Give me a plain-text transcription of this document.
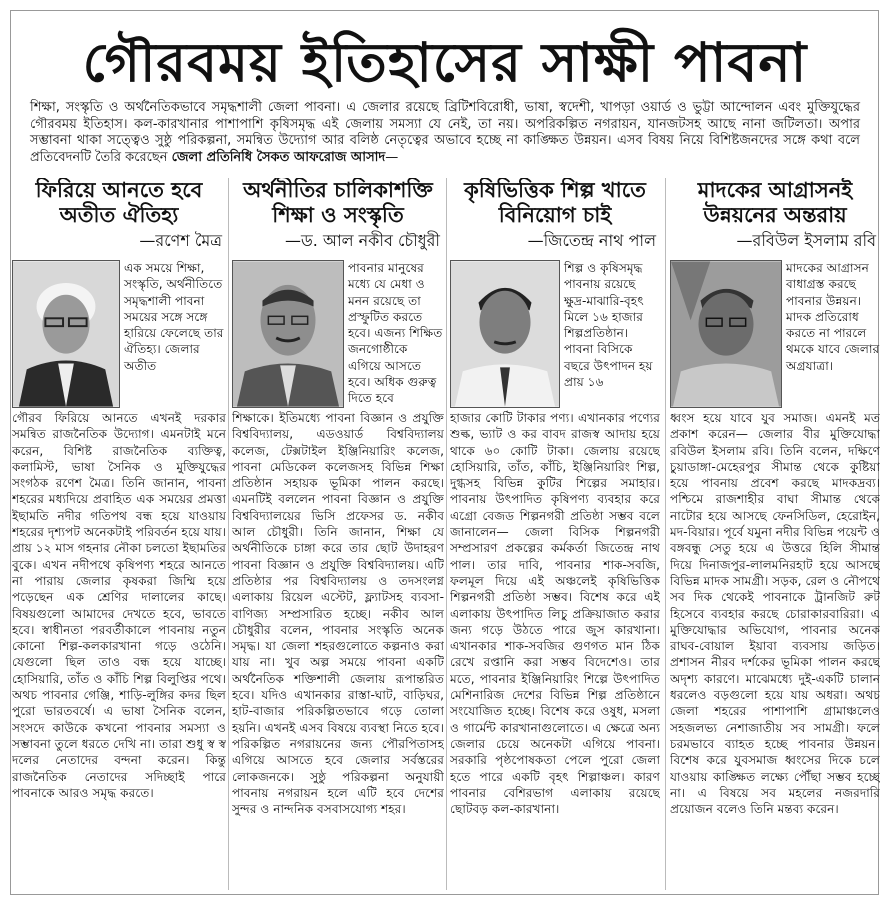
গৌরবময় ইতিহাসের সাক্ষী পাবনা
শিক্ষা, সংস্কৃতি ও অর্থনৈতিকভাবে সমৃদ্ধশালী জেলা পাবনা। এ জেলার রয়েছে ব্রিটিশবিরোধী, ভাষা, স্বদেশী, খাপড়া ওয়ার্ড ও ভুট্টা আন্দোলন এবং মুক্তিযুদ্ধের গৌরবময় ইতিহাস। কল-কারখানার পাশাপাশি কৃষিসমৃদ্ধ এই জেলায় সমস্যা যে নেই, তা নয়। অপরিকল্পিত নগরায়ন, যানজটসহ আছে নানা জটিলতা। অপার সম্ভাবনা থাকা সত্ত্বেও সুষ্ঠু পরিকল্পনা, সমন্বিত উদ্যোগ আর বলিষ্ঠ নেতৃত্বের অভাবে হচ্ছে না কাঙ্ক্ষিত উন্নয়ন। এসব বিষয় নিয়ে বিশিষ্টজনদের সঙ্গে কথা বলে প্রতিবেদনটি তৈরি করেছেন জেলা প্রতিনিধি সৈকত আফরোজ আসাদ—
ফিরিয়ে আনতে হবে অতীত ঐতিহ্য
—রণেশ মৈত্র
এক সময়ে শিক্ষা, সংস্কৃতি, অর্থনীতিতে সমৃদ্ধশালী পাবনা সময়ের সঙ্গে সঙ্গে হারিয়ে ফেলেছে তার ঐতিহ্য। জেলার অতীত

গৌরব ফিরিয়ে আনতে এখনই দরকার সমন্বিত রাজনৈতিক উদ্যোগ। এমনটাই মনে করেন, বিশিষ্ট রাজনৈতিক ব্যক্তিত্ব, কলামিস্ট, ভাষা সৈনিক ও মুক্তিযুদ্ধের সংগঠক রণেশ মৈত্র। তিনি জানান, পাবনা শহরের মধ্যদিয়ে প্রবাহিত এক সময়ের প্রমত্তা ইছামতি নদীর গতিপথ বন্ধ হয়ে যাওয়ায় শহরের দৃশ্যপট অনেকটাই পরিবর্তন হয়ে যায়। প্রায় ১২ মাস গহনার নৌকা চলতো ইছামতির বুকে। এখন নদীপথে কৃষিপণ্য শহরে আনতে না পারায় জেলার কৃষকরা জিম্মি হয়ে পড়েছেন এক শ্রেণির দালালের কাছে। বিষয়গুলো আমাদের দেখতে হবে, ভাবতে হবে। স্বাধীনতা পরবর্তীকালে পাবনায় নতুন কোনো শিল্প-কলকারখানা গড়ে ওঠেনি। যেগুলো ছিল তাও বন্ধ হয়ে যাচ্ছে। হোসিয়ারি, তাঁত ও কাঁচি শিল্প বিলুপ্তির পথে। অথচ পাবনার গেঞ্জি, শাড়ি-লুঙ্গির কদর ছিল পুরো ভারতবর্ষে। এ ভাষা সৈনিক বলেন, সংসদে কাউকে কখনো পাবনার সমস্যা ও সম্ভাবনা তুলে ধরতে দেখি না। তারা শুধু স্ব স্ব দলের নেতাদের বন্দনা করেন। কিন্তু রাজনৈতিক নেতাদের সদিচ্ছাই পারে পাবনাকে আরও সমৃদ্ধ করতে।

অর্থনীতির চালিকাশক্তি শিক্ষা ও সংস্কৃতি
—ড. আল নকীব চৌধুরী
পাবনার মানুষের মধ্যে যে মেধা ও মনন রয়েছে তা প্রস্ফুটিত করতে হবে। এজন্য শিক্ষিত জনগোষ্ঠীকে এগিয়ে আসতে হবে। অধিক গুরুত্ব দিতে হবে

শিক্ষাকে। ইতিমধ্যে পাবনা বিজ্ঞান ও প্রযুক্তি বিশ্ববিদ্যালয়, এডওয়ার্ড বিশ্ববিদ্যালয় কলেজ, টেক্সটাইল ইঞ্জিনিয়ারিং কলেজ, পাবনা মেডিকেল কলেজসহ বিভিন্ন শিক্ষা প্রতিষ্ঠান সহায়ক ভূমিকা পালন করছে। এমনটিই বললেন পাবনা বিজ্ঞান ও প্রযুক্তি বিশ্ববিদ্যালয়ের ভিসি প্রফেসর ড. নকীব আল চৌধুরী। তিনি জানান, শিক্ষা যে অর্থনীতিকে চাঙ্গা করে তার ছোট উদাহরণ পাবনা বিজ্ঞান ও প্রযুক্তি বিশ্ববিদ্যালয়। এটি প্রতিষ্ঠার পর বিশ্ববিদ্যালয় ও তদসংলগ্ন এলাকায় রিয়েল এস্টেট, ফ্ল্যাটসহ ব্যবসা-বাণিজ্য সম্প্রসারিত হচ্ছে। নকীব আল চৌধুরীর বলেন, পাবনার সংস্কৃতি অনেক সমৃদ্ধ। যা জেলা শহরগুলোতে কল্পনাও করা যায় না। খুব অল্প সময়ে পাবনা একটি অর্থনৈতিক শক্তিশালী জেলায় রূপান্তরিত হবে। যদিও এখানকার রাস্তা-ঘাট, বাড়িঘর, হাট-বাজার পরিকল্পিতভাবে গড়ে তোলা হয়নি। এখনই এসব বিষয়ে ব্যবস্থা নিতে হবে। পরিকল্পিত নগরায়নের জন্য পৌরপিতাসহ এগিয়ে আসতে হবে জেলার সর্বস্তরের লোকজনকে। সুষ্ঠু পরিকল্পনা অনুযায়ী পাবনায় নগরায়ন হলে এটি হবে দেশের সুন্দর ও নান্দনিক বসবাসযোগ্য শহর।

কৃষিভিত্তিক শিল্প খাতে বিনিয়োগ চাই
—জিতেন্দ্র নাথ পাল
শিল্প ও কৃষিসমৃদ্ধ পাবনায় রয়েছে ক্ষুদ্র-মাঝারি-বৃহৎ মিলে ১৬ হাজার শিল্পপ্রতিষ্ঠান। পাবনা বিসিকে বছরে উৎপাদন হয় প্রায় ১৬

হাজার কোটি টাকার পণ্য। এখানকার পণ্যের শুল্ক, ভ্যাট ও কর বাবদ রাজস্ব আদায় হয়ে থাকে ৬০ কোটি টাকা। জেলায় রয়েছে হোসিয়ারি, তাঁত, কাঁচি, ইঞ্জিনিয়ারিং শিল্প, দুগ্ধসহ বিভিন্ন কুটির শিল্পের সমাহার। পাবনায় উৎপাদিত কৃষিপণ্য ব্যবহার করে এগ্রো বেজড শিল্পনগরী প্রতিষ্ঠা সম্ভব বলে জানালেন— জেলা বিসিক শিল্পনগরী সম্প্রসারণ প্রকল্পের কর্মকর্তা জিতেন্দ্র নাথ পাল। তার দাবি, পাবনার শাক-সবজি, ফলমূল দিয়ে এই অঞ্চলেই কৃষিভিত্তিক শিল্পনগরী প্রতিষ্ঠা সম্ভব। বিশেষ করে এই এলাকায় উৎপাদিত লিচু প্রক্রিয়াজাত করার জন্য গড়ে উঠতে পারে জুস কারখানা। এখানকার শাক-সবজির গুণগত মান ঠিক রেখে রপ্তানি করা সম্ভব বিদেশেও। তার মতে, পাবনার ইঞ্জিনিয়ারিং শিল্পে উৎপাদিত মেশিনারিজ দেশের বিভিন্ন শিল্প প্রতিষ্ঠানে সংযোজিত হচ্ছে। বিশেষ করে ওষুধ, মসলা ও গার্মেন্ট কারখানাগুলোতে। এ ক্ষেত্রে অন্য জেলার চেয়ে অনেকটা এগিয়ে পাবনা। সরকারি পৃষ্ঠপোষকতা পেলে পুরো জেলা হতে পারে একটি বৃহৎ শিল্পাঞ্চল। কারণ পাবনার বেশিরভাগ এলাকায় রয়েছে ছোটবড় কল-কারখানা।

মাদকের আগ্রাসনই উন্নয়নের অন্তরায়
—রবিউল ইসলাম রবি
মাদকের আগ্রাসন বাধাগ্রস্ত করছে পাবনার উন্নয়ন। মাদক প্রতিরোধ করতে না পারলে থমকে যাবে জেলার অগ্রযাত্রা।

ধ্বংস হয়ে যাবে যুব সমাজ। এমনই মত প্রকাশ করেন— জেলার বীর মুক্তিযোদ্ধা রবিউল ইসলাম রবি। তিনি বলেন, দক্ষিণে চুয়াডাঙ্গা-মেহেরপুর সীমান্ত থেকে কুষ্টিয়া হয়ে পাবনায় প্রবেশ করছে মাদকদ্রব্য। পশ্চিমে রাজশাহীর বাঘা সীমান্ত থেকে নাটোর হয়ে আসছে ফেনসিডিল, হেরোইন, মদ-বিয়ার। পূর্বে যমুনা নদীর বিভিন্ন পয়েন্ট ও বঙ্গবন্ধু সেতু হয়ে এ উত্তরে হিলি সীমান্ত দিয়ে দিনাজপুর-লালমনিরহাট হয়ে আসছে বিভিন্ন মাদক সামগ্রী। সড়ক, রেল ও নৌপথে সব দিক থেকেই পাবনাকে ট্রানজিট রুট হিসেবে ব্যবহার করছে চোরাকারবারিরা। এ মুক্তিযোদ্ধার অভিযোগ, পাবনার অনেক রাঘব-বোয়াল ইয়াবা ব্যবসায় জড়িত। প্রশাসন নীরব দর্শকের ভূমিকা পালন করছে অদৃশ্য কারণে। মাঝেমধ্যে দুই-একটি চালান ধরলেও বড়গুলো হয়ে যায় অধরা। অথচ জেলা শহরের পাশাপাশি গ্রামাঞ্চলেও সহজলভ্য নেশাজাতীয় সব সামগ্রী। ফলে চরমভাবে ব্যাহত হচ্ছে পাবনার উন্নয়ন। বিশেষ করে যুবসমাজ ধ্বংসের দিকে চলে যাওয়ায় কাঙ্ক্ষিত লক্ষ্যে পৌঁছা সম্ভব হচ্ছে না। এ বিষয়ে সব মহলের নজরদারি প্রয়োজন বলেও তিনি মন্তব্য করেন।
